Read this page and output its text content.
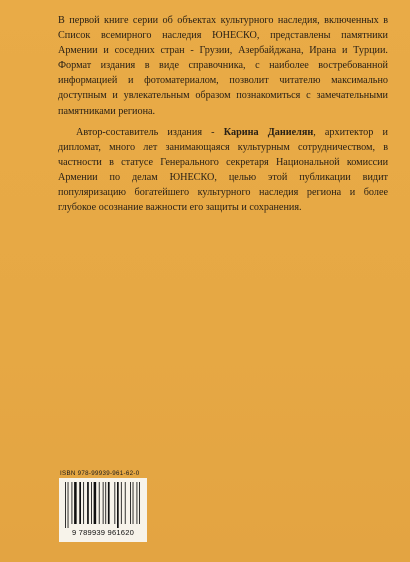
В первой книге серии об объектах культурного наследия, включенных в Список всемирного наследия ЮНЕСКО, представлены памятники Армении и соседних стран - Грузии, Азербайджана, Ирана и Турции. Формат издания в виде справочника, с наиболее востребованной информацией и фотоматериалом, позволит читателю максимально доступным и увлекательным образом познакомиться с замечательными памятниками региона.

Автор-составитель издания - Карина Даниелян, архитектор и дипломат, много лет занимающаяся культурным сотрудничеством, в частности в статусе Генерального секретаря Национальной комиссии Армении по делам ЮНЕСКО, целью этой публикации видит популяризацию богатейшего культурного наследия региона и более глубокое осознание важности его защиты и сохранения.

ISBN 978-99939-961-62-0
9 789939 961620
